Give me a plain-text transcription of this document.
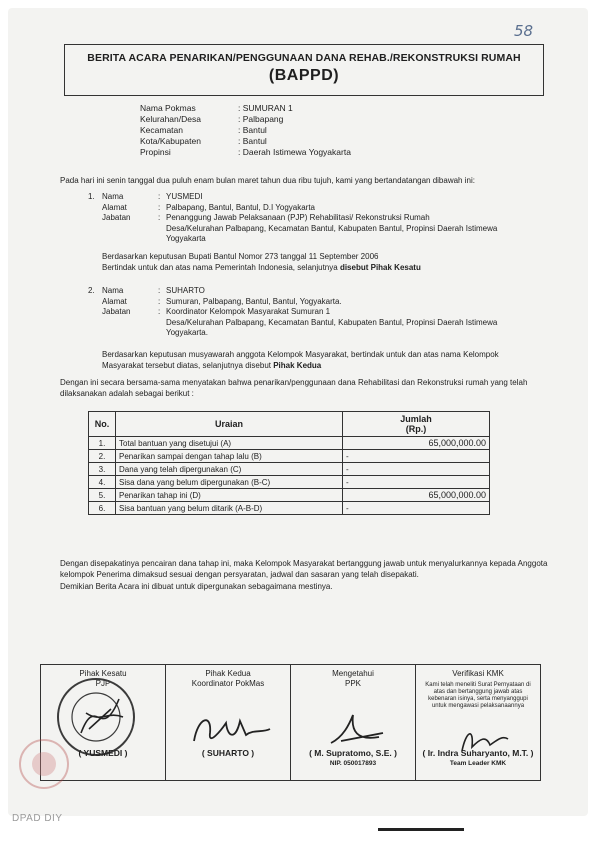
58
BERITA ACARA PENARIKAN/PENGGUNAAN DANA REHAB./REKONSTRUKSI RUMAH
(BAPPD)
Nama Pokmas	: SUMURAN 1
Kelurahan/Desa	: Palbapang
Kecamatan	: Bantul
Kota/Kabupaten	: Bantul
Propinsi	: Daerah Istimewa Yogyakarta
Pada hari ini senin tanggal dua puluh enam bulan maret tahun dua ribu tujuh, kami yang bertandatangan dibawah ini:
1. Nama	: YUSMEDI
Alamat	: Palbapang, Bantul, Bantul, D.I Yogyakarta
Jabatan	: Penanggung Jawab Pelaksanaan (PJP) Rehabilitasi/ Rekonstruksi Rumah
Desa/Kelurahan Palbapang, Kecamatan Bantul, Kabupaten Bantul, Propinsi Daerah Istimewa
Yogyakarta
Berdasarkan keputusan Bupati Bantul Nomor 273 tanggal 11 September 2006
Bertindak untuk dan atas nama Pemerintah Indonesia, selanjutnya disebut Pihak Kesatu
2. Nama	: SUHARTO
Alamat	: Sumuran, Palbapang, Bantul, Bantul, Yogyakarta.
Jabatan	: Koordinator Kelompok Masyarakat Sumuran 1
Desa/Kelurahan Palbapang, Kecamatan Bantul, Kabupaten Bantul, Propinsi Daerah Istimewa
Yogyakarta.
Berdasarkan keputusan musyawarah anggota Kelompok Masyarakat, bertindak untuk dan atas nama Kelompok
Masyarakat tersebut diatas, selanjutnya disebut Pihak Kedua
Dengan ini secara bersama-sama menyatakan bahwa penarikan/penggunaan dana Rehabilitasi dan Rekonstruksi rumah yang telah dilaksanakan adalah sebagai berikut :
No.	Uraian	Jumlah
(Rp.)

1.	Total bantuan yang disetujui (A)	65,000,000.00
2.	Penarikan sampai dengan tahap lalu (B)	-
3.	Dana yang telah dipergunakan (C)	-
4.	Sisa dana yang belum dipergunakan (B-C)	-
5.	Penarikan tahap ini (D)	65,000,000.00
6.	Sisa bantuan yang belum ditarik (A-B-D)	-
Dengan disepakatinya pencairan dana tahap ini, maka Kelompok Masyarakat bertanggung jawab untuk menyalurkannya kepada Anggota kelompok Penerima dimaksud sesuai dengan persyaratan, jadwal dan sasaran yang telah disepakati.
Demikian Berita Acara ini dibuat untuk dipergunakan sebagaimana mestinya.
Pihak Kesatu
PJP
( YUSMEDI )

Pihak Kedua
Koordinator PokMas
( SUHARTO )

Mengetahui
PPK
( M. Supratomo, S.E. )
NIP. 050017893

Verifikasi KMK
Kami telah meneliti Surat Pernyataan di atas dan bertanggung jawab atas kebenaran isinya, serta menyanggupi untuk mengawasi pelaksanaannya
( Ir. Indra Suharyanto, M.T. )
Team Leader KMK
DPAD DIY
